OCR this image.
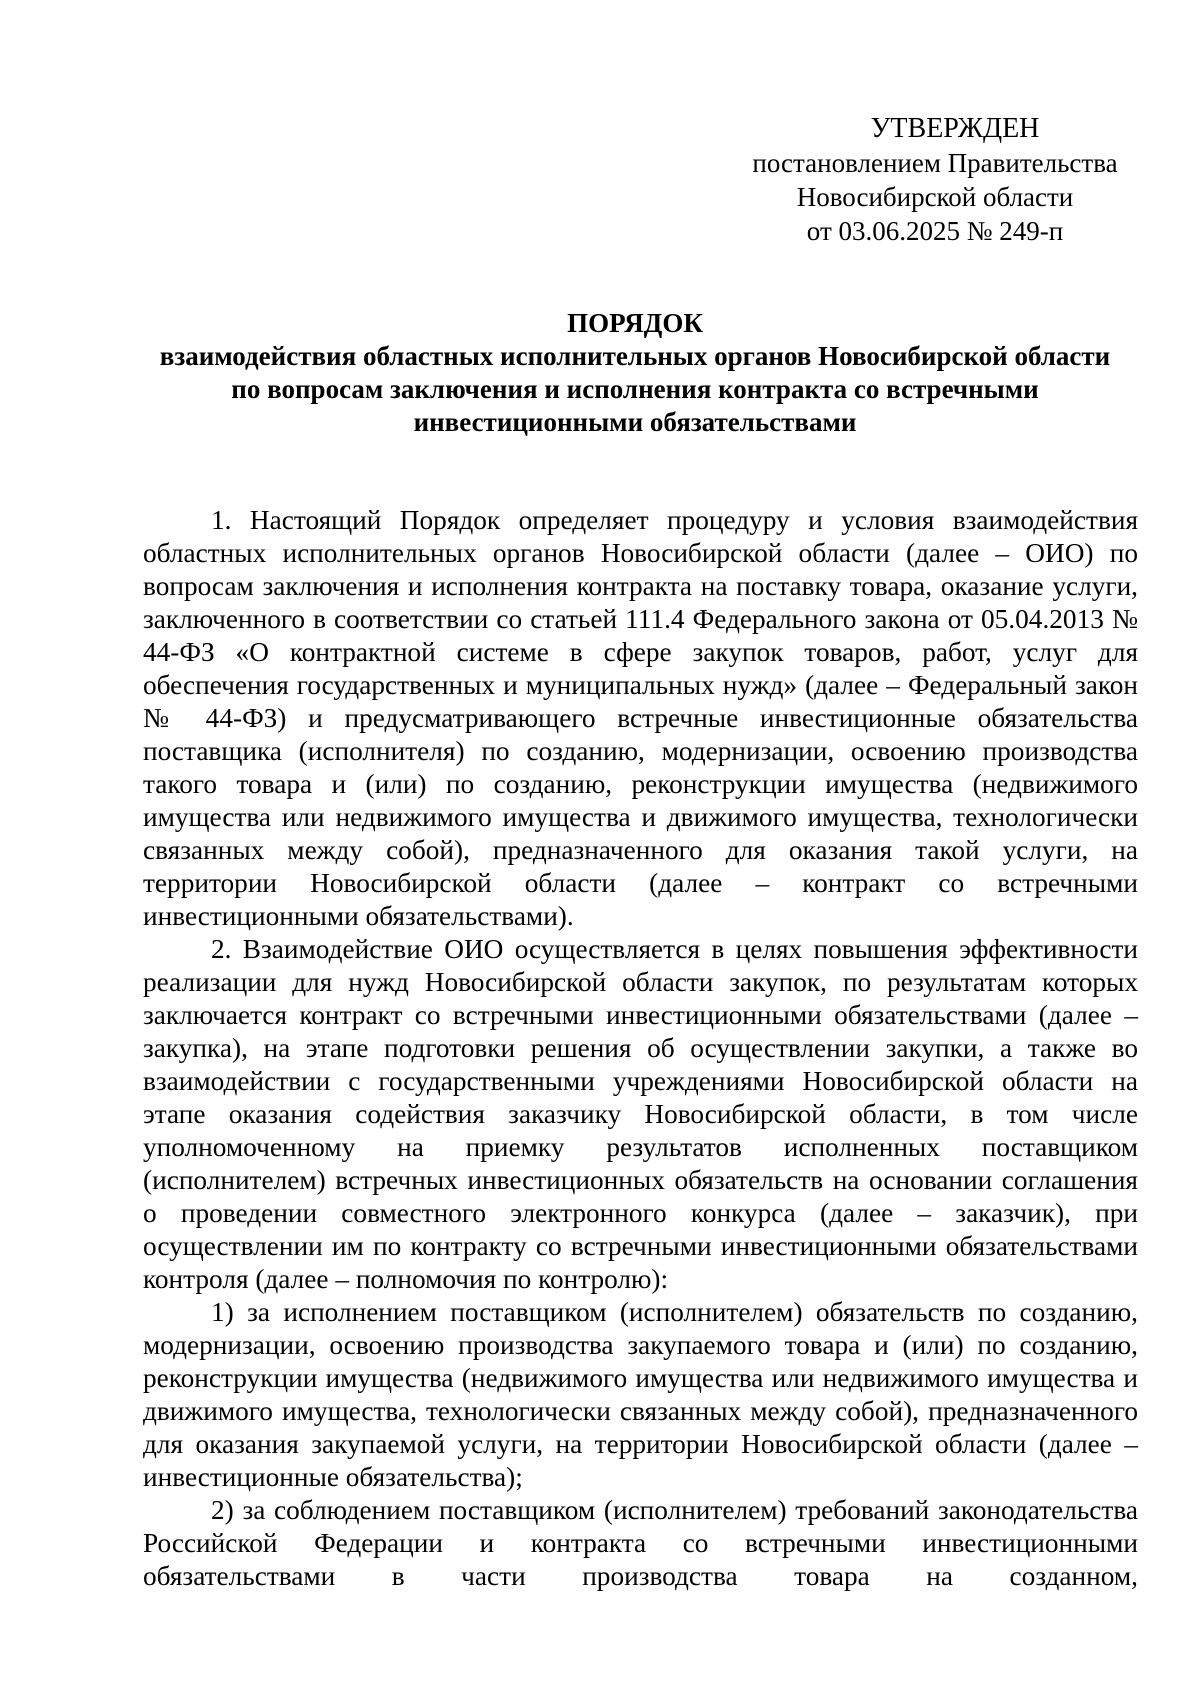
УТВЕРЖДЕН
постановлением Правительства
Новосибирской области
от 03.06.2025 № 249-п
ПОРЯДОК
взаимодействия областных исполнительных органов Новосибирской области
по вопросам заключения и исполнения контракта со встречными
инвестиционными обязательствами

1. Настоящий Порядок определяет процедуру и условия взаимодействия областных исполнительных органов Новосибирской области (далее – ОИО) по вопросам заключения и исполнения контракта на поставку товара, оказание услуги, заключенного в соответствии со статьей 111.4 Федерального закона от 05.04.2013 № 44-ФЗ «О контрактной системе в сфере закупок товаров, работ, услуг для обеспечения государственных и муниципальных нужд» (далее – Федеральный закон № 44-ФЗ) и предусматривающего встречные инвестиционные обязательства поставщика (исполнителя) по созданию, модернизации, освоению производства такого товара и (или) по созданию, реконструкции имущества (недвижимого имущества или недвижимого имущества и движимого имущества, технологически связанных между собой), предназначенного для оказания такой услуги, на территории Новосибирской области (далее – контракт со встречными инвестиционными обязательствами).

2. Взаимодействие ОИО осуществляется в целях повышения эффективности реализации для нужд Новосибирской области закупок, по результатам которых заключается контракт со встречными инвестиционными обязательствами (далее – закупка), на этапе подготовки решения об осуществлении закупки, а также во взаимодействии с государственными учреждениями Новосибирской области на этапе оказания содействия заказчику Новосибирской области, в том числе уполномоченному на приемку результатов исполненных поставщиком (исполнителем) встречных инвестиционных обязательств на основании соглашения о проведении совместного электронного конкурса (далее – заказчик), при осуществлении им по контракту со встречными инвестиционными обязательствами контроля (далее – полномочия по контролю):

1) за исполнением поставщиком (исполнителем) обязательств по созданию, модернизации, освоению производства закупаемого товара и (или) по созданию, реконструкции имущества (недвижимого имущества или недвижимого имущества и движимого имущества, технологически связанных между собой), предназначенного для оказания закупаемой услуги, на территории Новосибирской области (далее – инвестиционные обязательства);

2) за соблюдением поставщиком (исполнителем) требований законодательства Российской Федерации и контракта со встречными инвестиционными обязательствами в части производства товара на созданном,
